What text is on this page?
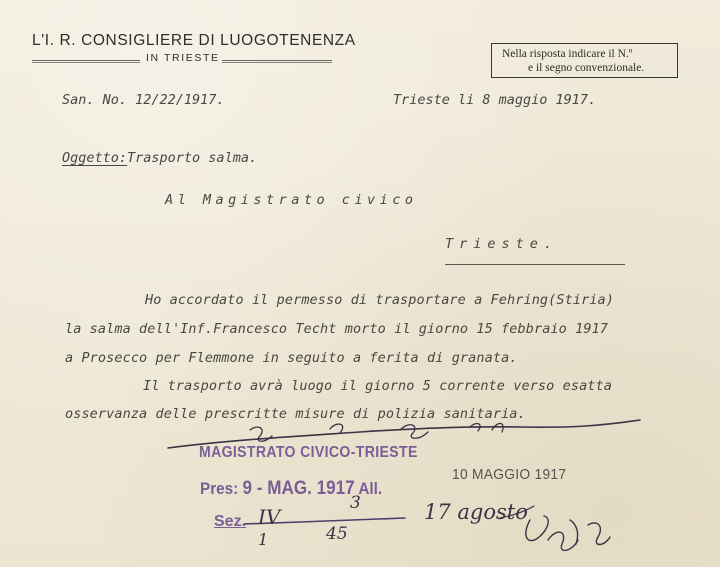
L'I. R. CONSIGLIERE DI LUOGOTENENZA
IN TRIESTE	Nella risposta indicare il N.º
e il segno convenzionale.
San. No. 12/22/1917.	Trieste li 8 maggio 1917.
Oggetto:Trasporto salma.
Al Magistrato civico
Trieste.
Ho accordato il permesso di trasportare a Fehring(Stiria)
la salma dell'Inf.Francesco Techt morto il giorno 15 febbraio 1917
a Prosecco per Flemmone in seguito a ferita di granata.
Il trasporto avrà luogo il giorno 5 corrente verso esatta
osservanza delle prescritte misure di polizia sanitaria.
MAGISTRATO CIVICO-TRIESTE
Pres: 9 - MAG. 1917 All.
10 MAGGIO 1917
Sez. IV
1
3
45
17 agosto
